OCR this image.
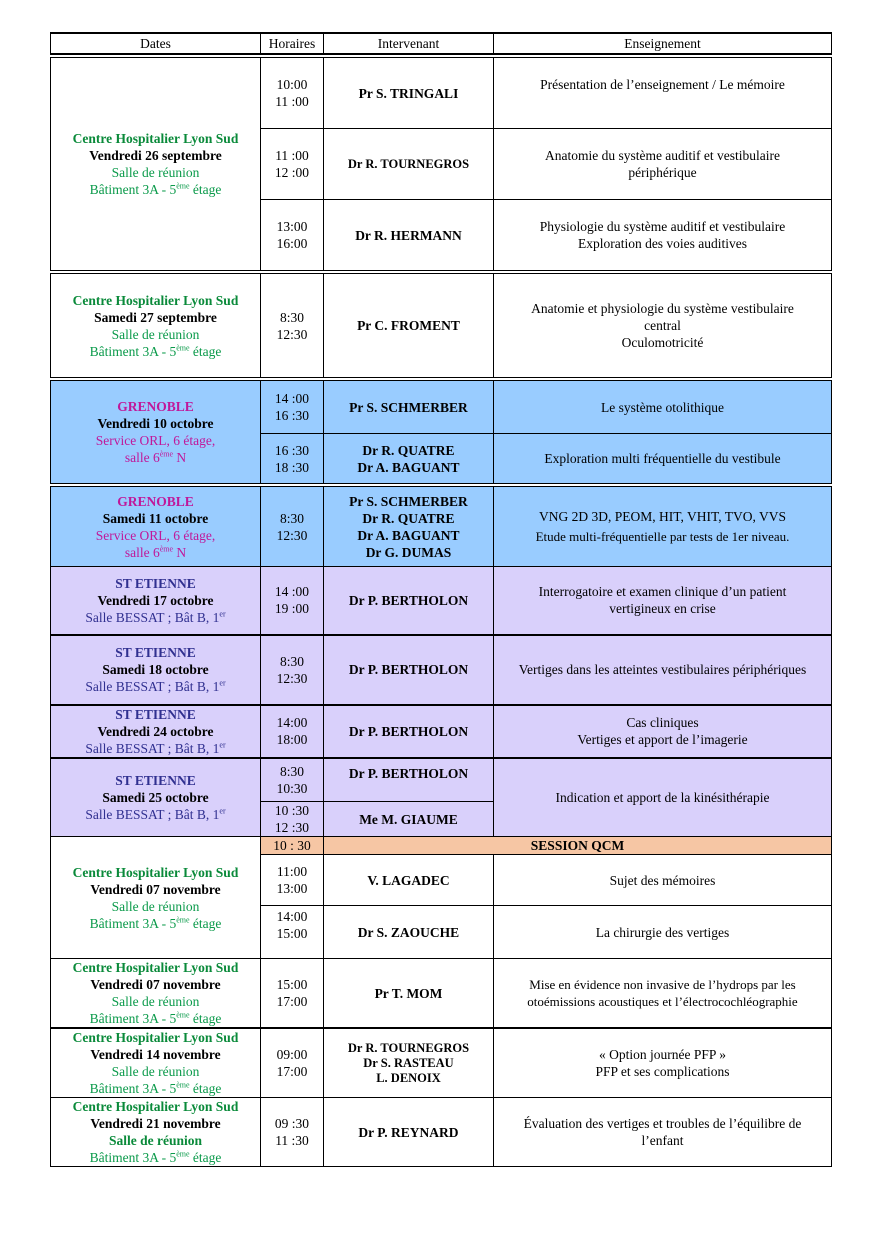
Dates	Horaires	Intervenant	Enseignement

Centre Hospitalier Lyon Sud
Vendredi 26 septembre
Salle de réunion
Bâtiment 3A - 5ème étage	10:00
11 :00	Pr S. TRINGALI	Présentation de l’enseignement / Le mémoire

	11 :00
12 :00	Dr R. TOURNEGROS	Anatomie du système auditif et vestibulaire
périphérique

	13:00
16:00	Dr R. HERMANN	Physiologie du système auditif et vestibulaire
Exploration des voies auditives

Centre Hospitalier Lyon Sud
Samedi 27 septembre
Salle de réunion
Bâtiment 3A - 5ème étage	8:30
12:30	Pr C. FROMENT	Anatomie et physiologie du système vestibulaire
central
Oculomotricité

GRENOBLE
Vendredi 10 octobre
Service ORL, 6 étage,
salle 6ème N	14 :00
16 :30	Pr S. SCHMERBER	Le système otolithique

	16 :30
18 :30	Dr R. QUATRE
Dr A. BAGUANT	Exploration multi fréquentielle du vestibule

GRENOBLE
Samedi 11 octobre
Service ORL, 6 étage,
salle 6ème N	8:30
12:30	Pr S. SCHMERBER
Dr R. QUATRE
Dr A. BAGUANT
Dr G. DUMAS	VNG 2D 3D, PEOM, HIT, VHIT, TVO, VVS
Etude multi-fréquentielle par tests de 1er niveau.

ST ETIENNE
Vendredi 17 octobre
Salle BESSAT ; Bât B, 1er	14 :00
19 :00	Dr P. BERTHOLON	Interrogatoire et examen clinique d’un patient
vertigineux en crise

ST ETIENNE
Samedi 18 octobre
Salle BESSAT ; Bât B, 1er	8:30
12:30	Dr P. BERTHOLON	Vertiges dans les atteintes vestibulaires périphériques

ST ETIENNE
Vendredi 24 octobre
Salle BESSAT ; Bât B, 1er	14:00
18:00	Dr P. BERTHOLON	Cas cliniques
Vertiges et apport de l’imagerie

ST ETIENNE
Samedi 25 octobre
Salle BESSAT ; Bât B, 1er	8:30
10:30	Dr P. BERTHOLON	Indication et apport de la kinésithérapie

	10 :30
12 :30	Me M. GIAUME	

Centre Hospitalier Lyon Sud
Vendredi 07 novembre
Salle de réunion
Bâtiment 3A - 5ème étage	10 : 30	SESSION QCM	

	11:00
13:00	V. LAGADEC	Sujet des mémoires

	14:00
15:00	Dr S. ZAOUCHE	La chirurgie des vertiges

Centre Hospitalier Lyon Sud
Vendredi 07 novembre
Salle de réunion
Bâtiment 3A - 5ème étage	15:00
17:00	Pr T. MOM	Mise en évidence non invasive de l’hydrops par les
otoémissions acoustiques et l’électrocochléographie

Centre Hospitalier Lyon Sud
Vendredi 14 novembre
Salle de réunion
Bâtiment 3A - 5ème étage	09:00
17:00	Dr R. TOURNEGROS
Dr S. RASTEAU
L. DENOIX	« Option journée PFP »
PFP et ses complications

Centre Hospitalier Lyon Sud
Vendredi 21 novembre
Salle de réunion
Bâtiment 3A - 5ème étage	09 :30
11 :30	Dr P. REYNARD	Évaluation des vertiges et troubles de l’équilibre de
l’enfant
